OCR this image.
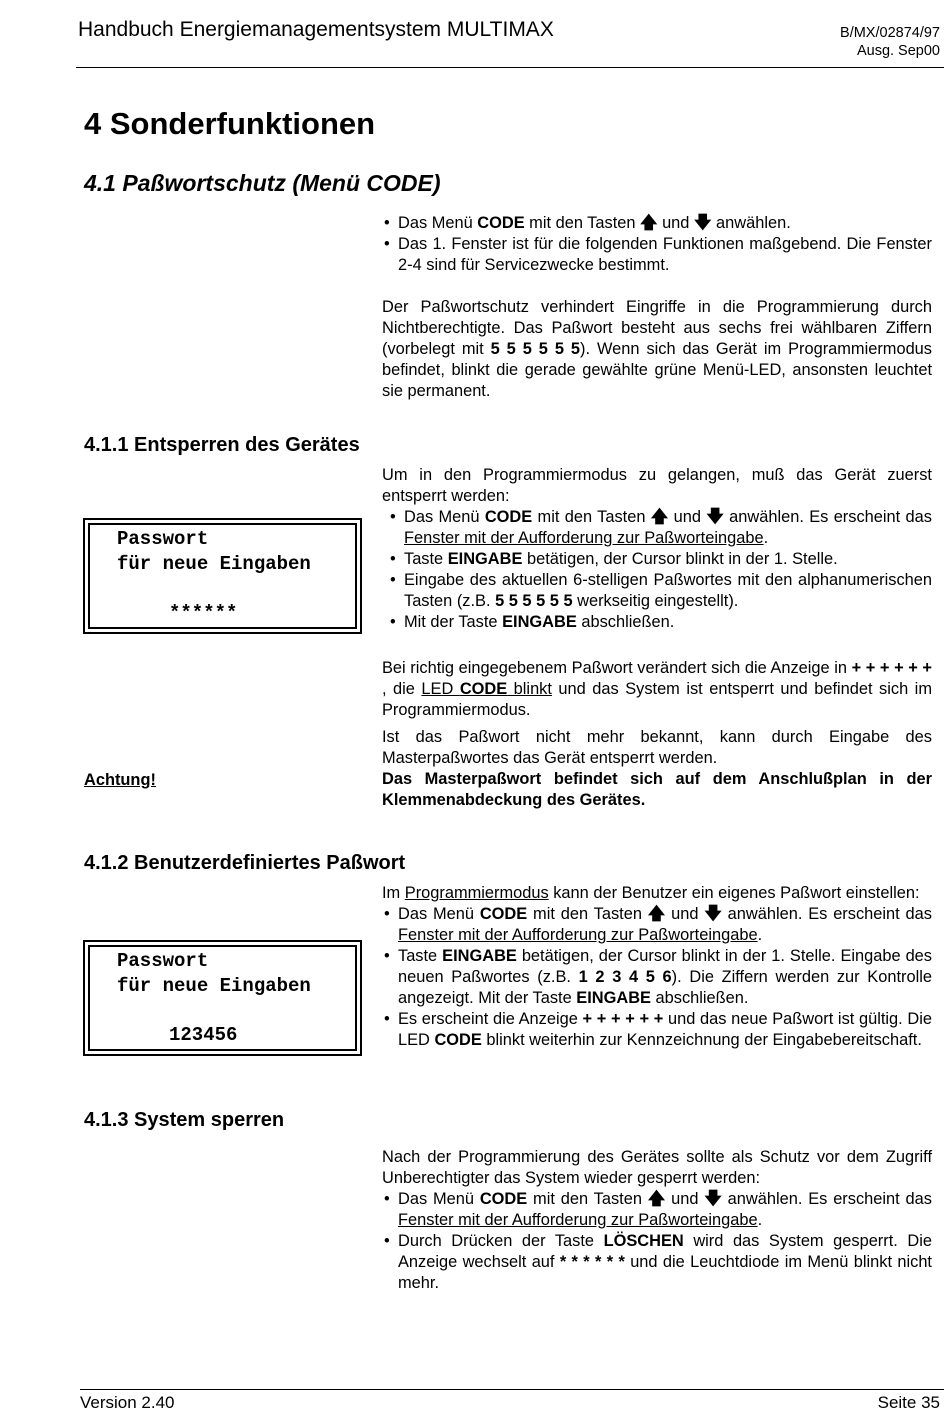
Handbuch Energiemanagementsystem MULTIMAX	B/MX/02874/97
Ausg. Sep00
4 Sonderfunktionen
4.1 Paßwortschutz (Menü CODE)
• Das Menü CODE mit den Tasten 🡅 und 🡇 anwählen.
• Das 1. Fenster ist für die folgenden Funktionen maßgebend. Die Fenster 2-4 sind für Servicezwecke bestimmt.

Der Paßwortschutz verhindert Eingriffe in die Programmierung durch Nichtberechtigte. Das Paßwort besteht aus sechs frei wählbaren Ziffern (vorbelegt mit 5 5 5 5 5 5). Wenn sich das Gerät im Programmiermodus befindet, blinkt die gerade gewählte grüne Menü-LED, ansonsten leuchtet sie permanent.

4.1.1 Entsperren des Gerätes
Passwort
für neue Eingaben
******

Um in den Programmiermodus zu gelangen, muß das Gerät zuerst entsperrt werden:

• Das Menü CODE mit den Tasten 🡅 und 🡇 anwählen. Es erscheint das Fenster mit der Aufforderung zur Paßworteingabe.
• Taste EINGABE betätigen, der Cursor blinkt in der 1. Stelle.
• Eingabe des aktuellen 6-stelligen Paßwortes mit den alphanumerischen Tasten (z.B. 5 5 5 5 5 5 werkseitig eingestellt).
• Mit der Taste EINGABE abschließen.

Bei richtig eingegebenem Paßwort verändert sich die Anzeige in + + + + + + , die LED CODE blinkt und das System ist entsperrt und befindet sich im Programmiermodus.

Ist das Paßwort nicht mehr bekannt, kann durch Eingabe des Masterpaßwortes das Gerät entsperrt werden.

Das Masterpaßwort befindet sich auf dem Anschlußplan in der Klemmenabdeckung des Gerätes.

Achtung!
4.1.2 Benutzerdefiniertes Paßwort
Passwort
für neue Eingaben
123456

Im Programmiermodus kann der Benutzer ein eigenes Paßwort einstellen:

• Das Menü CODE mit den Tasten 🡅 und 🡇 anwählen. Es erscheint das Fenster mit der Aufforderung zur Paßworteingabe.
• Taste EINGABE betätigen, der Cursor blinkt in der 1. Stelle. Eingabe des neuen Paßwortes (z.B. 1 2 3 4 5 6). Die Ziffern werden zur Kontrolle angezeigt. Mit der Taste EINGABE abschließen.
• Es erscheint die Anzeige + + + + + + und das neue Paßwort ist gültig. Die LED CODE blinkt weiterhin zur Kennzeichnung der Eingabebereitschaft.
4.1.3 System sperren

Nach der Programmierung des Gerätes sollte als Schutz vor dem Zugriff Unberechtigter das System wieder gesperrt werden:

• Das Menü CODE mit den Tasten 🡅 und 🡇 anwählen. Es erscheint das Fenster mit der Aufforderung zur Paßworteingabe.
• Durch Drücken der Taste LÖSCHEN wird das System gesperrt. Die Anzeige wechselt auf * * * * * * und die Leuchtdiode im Menü blinkt nicht mehr.
Version 2.40	Seite 35
